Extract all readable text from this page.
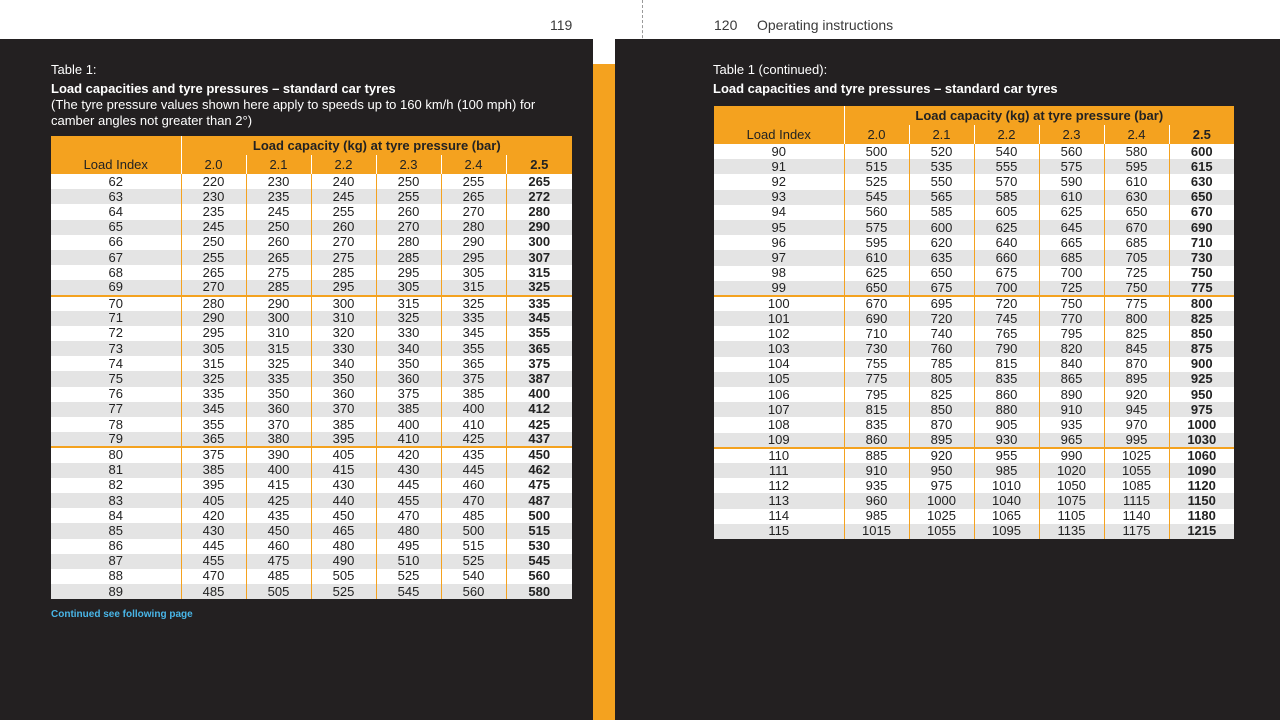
119	120 Operating instructions
Table 1:
Load capacities and tyre pressures – standard car tyres
(The tyre pressure values shown here apply to speeds up to 160 km/h (100 mph) for camber angles not greater than 2°)
Load Index	Load capacity (kg) at tyre pressure (bar)					
	2.0	2.1	2.2	2.3	2.4	2.5
62	220	230	240	250	255	265
63	230	235	245	255	265	272
64	235	245	255	260	270	280
65	245	250	260	270	280	290
66	250	260	270	280	290	300
67	255	265	275	285	295	307
68	265	275	285	295	305	315
69	270	285	295	305	315	325
70	280	290	300	315	325	335
71	290	300	310	325	335	345
72	295	310	320	330	345	355
73	305	315	330	340	355	365
74	315	325	340	350	365	375
75	325	335	350	360	375	387
76	335	350	360	375	385	400
77	345	360	370	385	400	412
78	355	370	385	400	410	425
79	365	380	395	410	425	437
80	375	390	405	420	435	450
81	385	400	415	430	445	462
82	395	415	430	445	460	475
83	405	425	440	455	470	487
84	420	435	450	470	485	500
85	430	450	465	480	500	515
86	445	460	480	495	515	530
87	455	475	490	510	525	545
88	470	485	505	525	540	560
89	485	505	525	545	560	580
Continued see following page
Table 1 (continued):
Load capacities and tyre pressures – standard car tyres
Load Index	Load capacity (kg) at tyre pressure (bar)					
	2.0	2.1	2.2	2.3	2.4	2.5
90	500	520	540	560	580	600
91	515	535	555	575	595	615
92	525	550	570	590	610	630
93	545	565	585	610	630	650
94	560	585	605	625	650	670
95	575	600	625	645	670	690
96	595	620	640	665	685	710
97	610	635	660	685	705	730
98	625	650	675	700	725	750
99	650	675	700	725	750	775
100	670	695	720	750	775	800
101	690	720	745	770	800	825
102	710	740	765	795	825	850
103	730	760	790	820	845	875
104	755	785	815	840	870	900
105	775	805	835	865	895	925
106	795	825	860	890	920	950
107	815	850	880	910	945	975
108	835	870	905	935	970	1000
109	860	895	930	965	995	1030
110	885	920	955	990	1025	1060
111	910	950	985	1020	1055	1090
112	935	975	1010	1050	1085	1120
113	960	1000	1040	1075	1115	1150
114	985	1025	1065	1105	1140	1180
115	1015	1055	1095	1135	1175	1215
